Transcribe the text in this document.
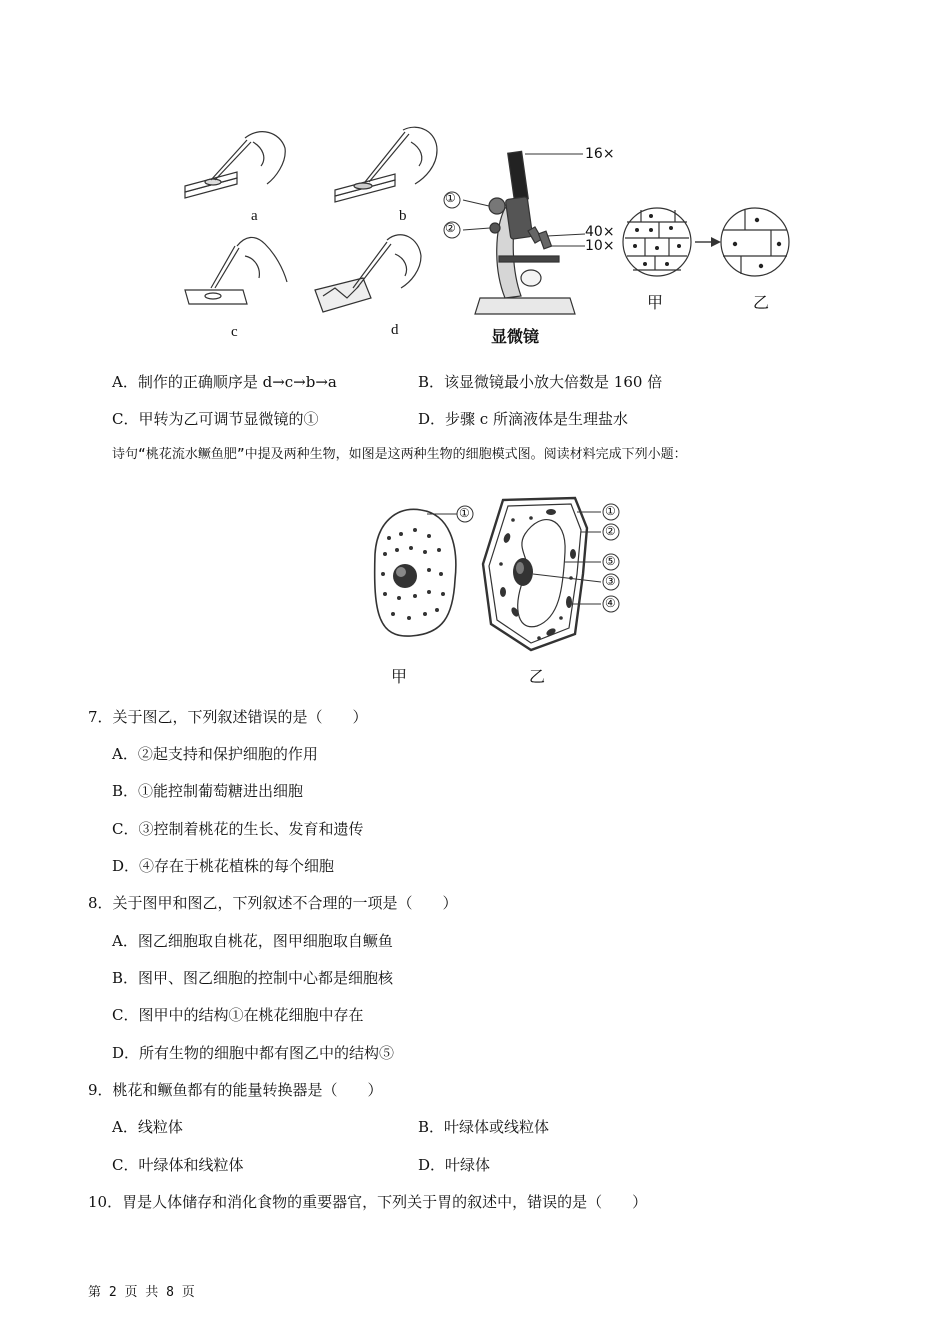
a	b
c	d
16×
40×
10×
①
②
显微镜
甲	乙
A．制作的正确顺序是 d→c→b→a	B．该显微镜最小放大倍数是 160 倍
C．甲转为乙可调节显微镜的①	D．步骤 c 所滴液体是生理盐水
诗句“桃花流水鳜鱼肥”中提及两种生物，如图是这两种生物的细胞模式图。阅读材料完成下列小题：
①	①
②
⑤
③
④
甲	乙
7．关于图乙，下列叙述错误的是（　　）
A．②起支持和保护细胞的作用
B．①能控制葡萄糖进出细胞
C．③控制着桃花的生长、发育和遗传
D．④存在于桃花植株的每个细胞
8．关于图甲和图乙，下列叙述不合理的一项是（　　）
A．图乙细胞取自桃花，图甲细胞取自鳜鱼
B．图甲、图乙细胞的控制中心都是细胞核
C．图甲中的结构①在桃花细胞中存在
D．所有生物的细胞中都有图乙中的结构⑤
9．桃花和鳜鱼都有的能量转换器是（　　）
A．线粒体	B．叶绿体或线粒体
C．叶绿体和线粒体	D．叶绿体
10．胃是人体储存和消化食物的重要器官，下列关于胃的叙述中，错误的是（　　）
第 2 页 共 8 页
